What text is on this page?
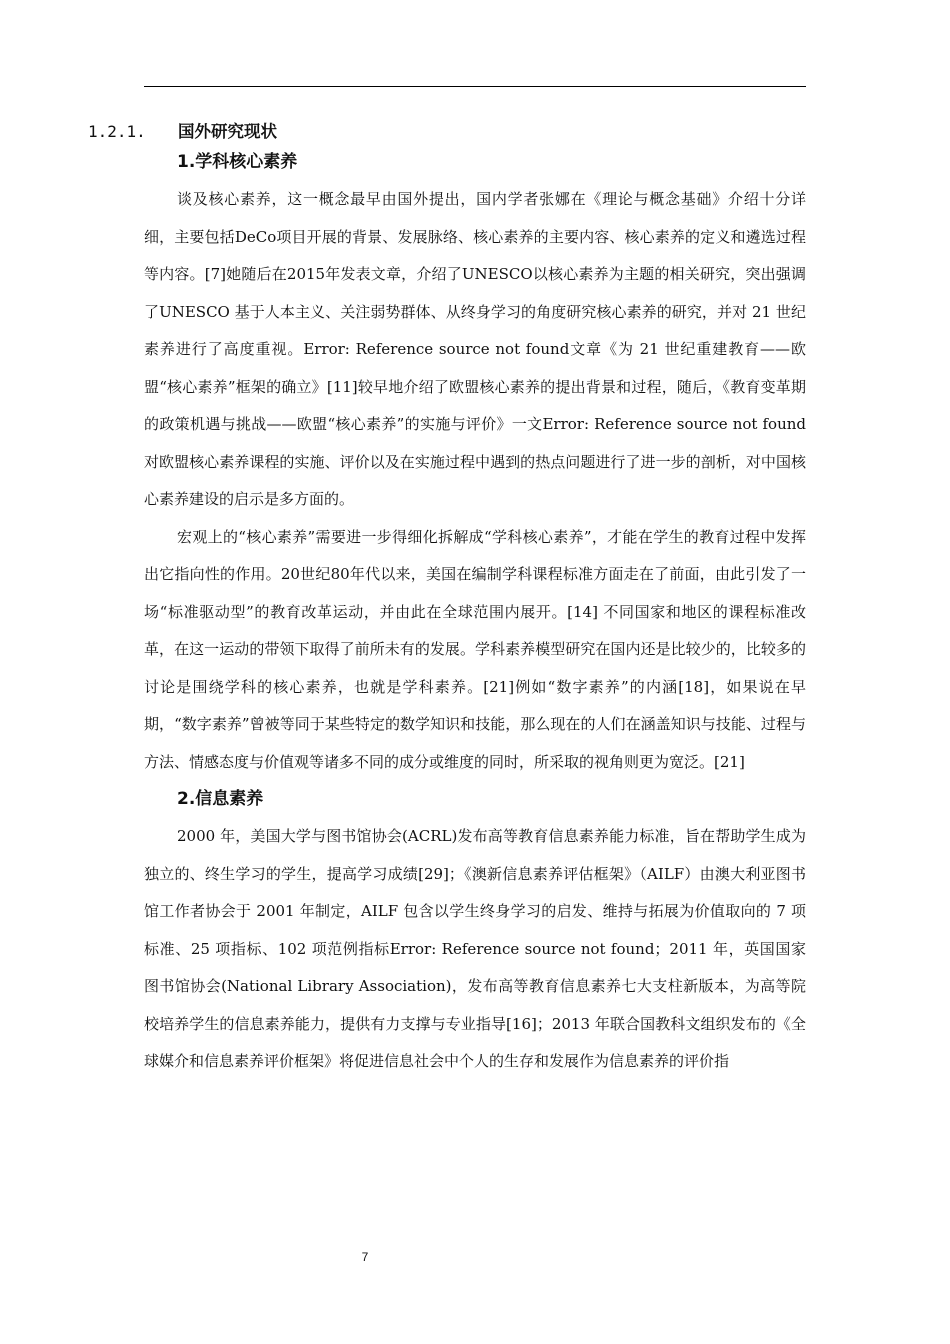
1.2.1. 国外研究现状
1.学科核心素养

谈及核心素养，这一概念最早由国外提出，国内学者张娜在《理论与概念基础》介绍十分详细，主要包括DeCo项目开展的背景、发展脉络、核心素养的主要内容、核心素养的定义和遴选过程等内容。[7]她随后在2015年发表文章，介绍了UNESCO以核心素养为主题的相关研究，突出强调了UNESCO 基于人本主义、关注弱势群体、从终身学习的角度研究核心素养的研究，并对 21 世纪素养进行了高度重视。Error: Reference source not found文章《为 21 世纪重建教育——欧盟“核心素养”框架的确立》[11]较早地介绍了欧盟核心素养的提出背景和过程，随后，《教育变革期的政策机遇与挑战——欧盟“核心素养”的实施与评价》一文Error: Reference source not found对欧盟核心素养课程的实施、评价以及在实施过程中遇到的热点问题进行了进一步的剖析，对中国核心素养建设的启示是多方面的。

宏观上的“核心素养”需要进一步得细化拆解成“学科核心素养”，才能在学生的教育过程中发挥出它指向性的作用。20世纪80年代以来，美国在编制学科课程标准方面走在了前面，由此引发了一场“标准驱动型”的教育改革运动，并由此在全球范围内展开。[14] 不同国家和地区的课程标准改革，在这一运动的带领下取得了前所未有的发展。学科素养模型研究在国内还是比较少的，比较多的讨论是围绕学科的核心素养，也就是学科素养。[21]例如“数字素养”的内涵[18]，如果说在早期，“数字素养”曾被等同于某些特定的数学知识和技能，那么现在的人们在涵盖知识与技能、过程与方法、情感态度与价值观等诸多不同的成分或维度的同时，所采取的视角则更为宽泛。[21]

2.信息素养

2000 年，美国大学与图书馆协会(ACRL)发布高等教育信息素养能力标准，旨在帮助学生成为独立的、终生学习的学生，提高学习成绩[29]；《澳新信息素养评估框架》（AILF）由澳大利亚图书馆工作者协会于 2001 年制定，AILF 包含以学生终身学习的启发、维持与拓展为价值取向的 7 项标准、25 项指标、102 项范例指标Error: Reference source not found；2011 年，英国国家图书馆协会(National Library Association)，发布高等教育信息素养七大支柱新版本，为高等院校培养学生的信息素养能力，提供有力支撑与专业指导[16]；2013 年联合国教科文组织发布的《全球媒介和信息素养评价框架》将促进信息社会中个人的生存和发展作为信息素养的评价指

7
